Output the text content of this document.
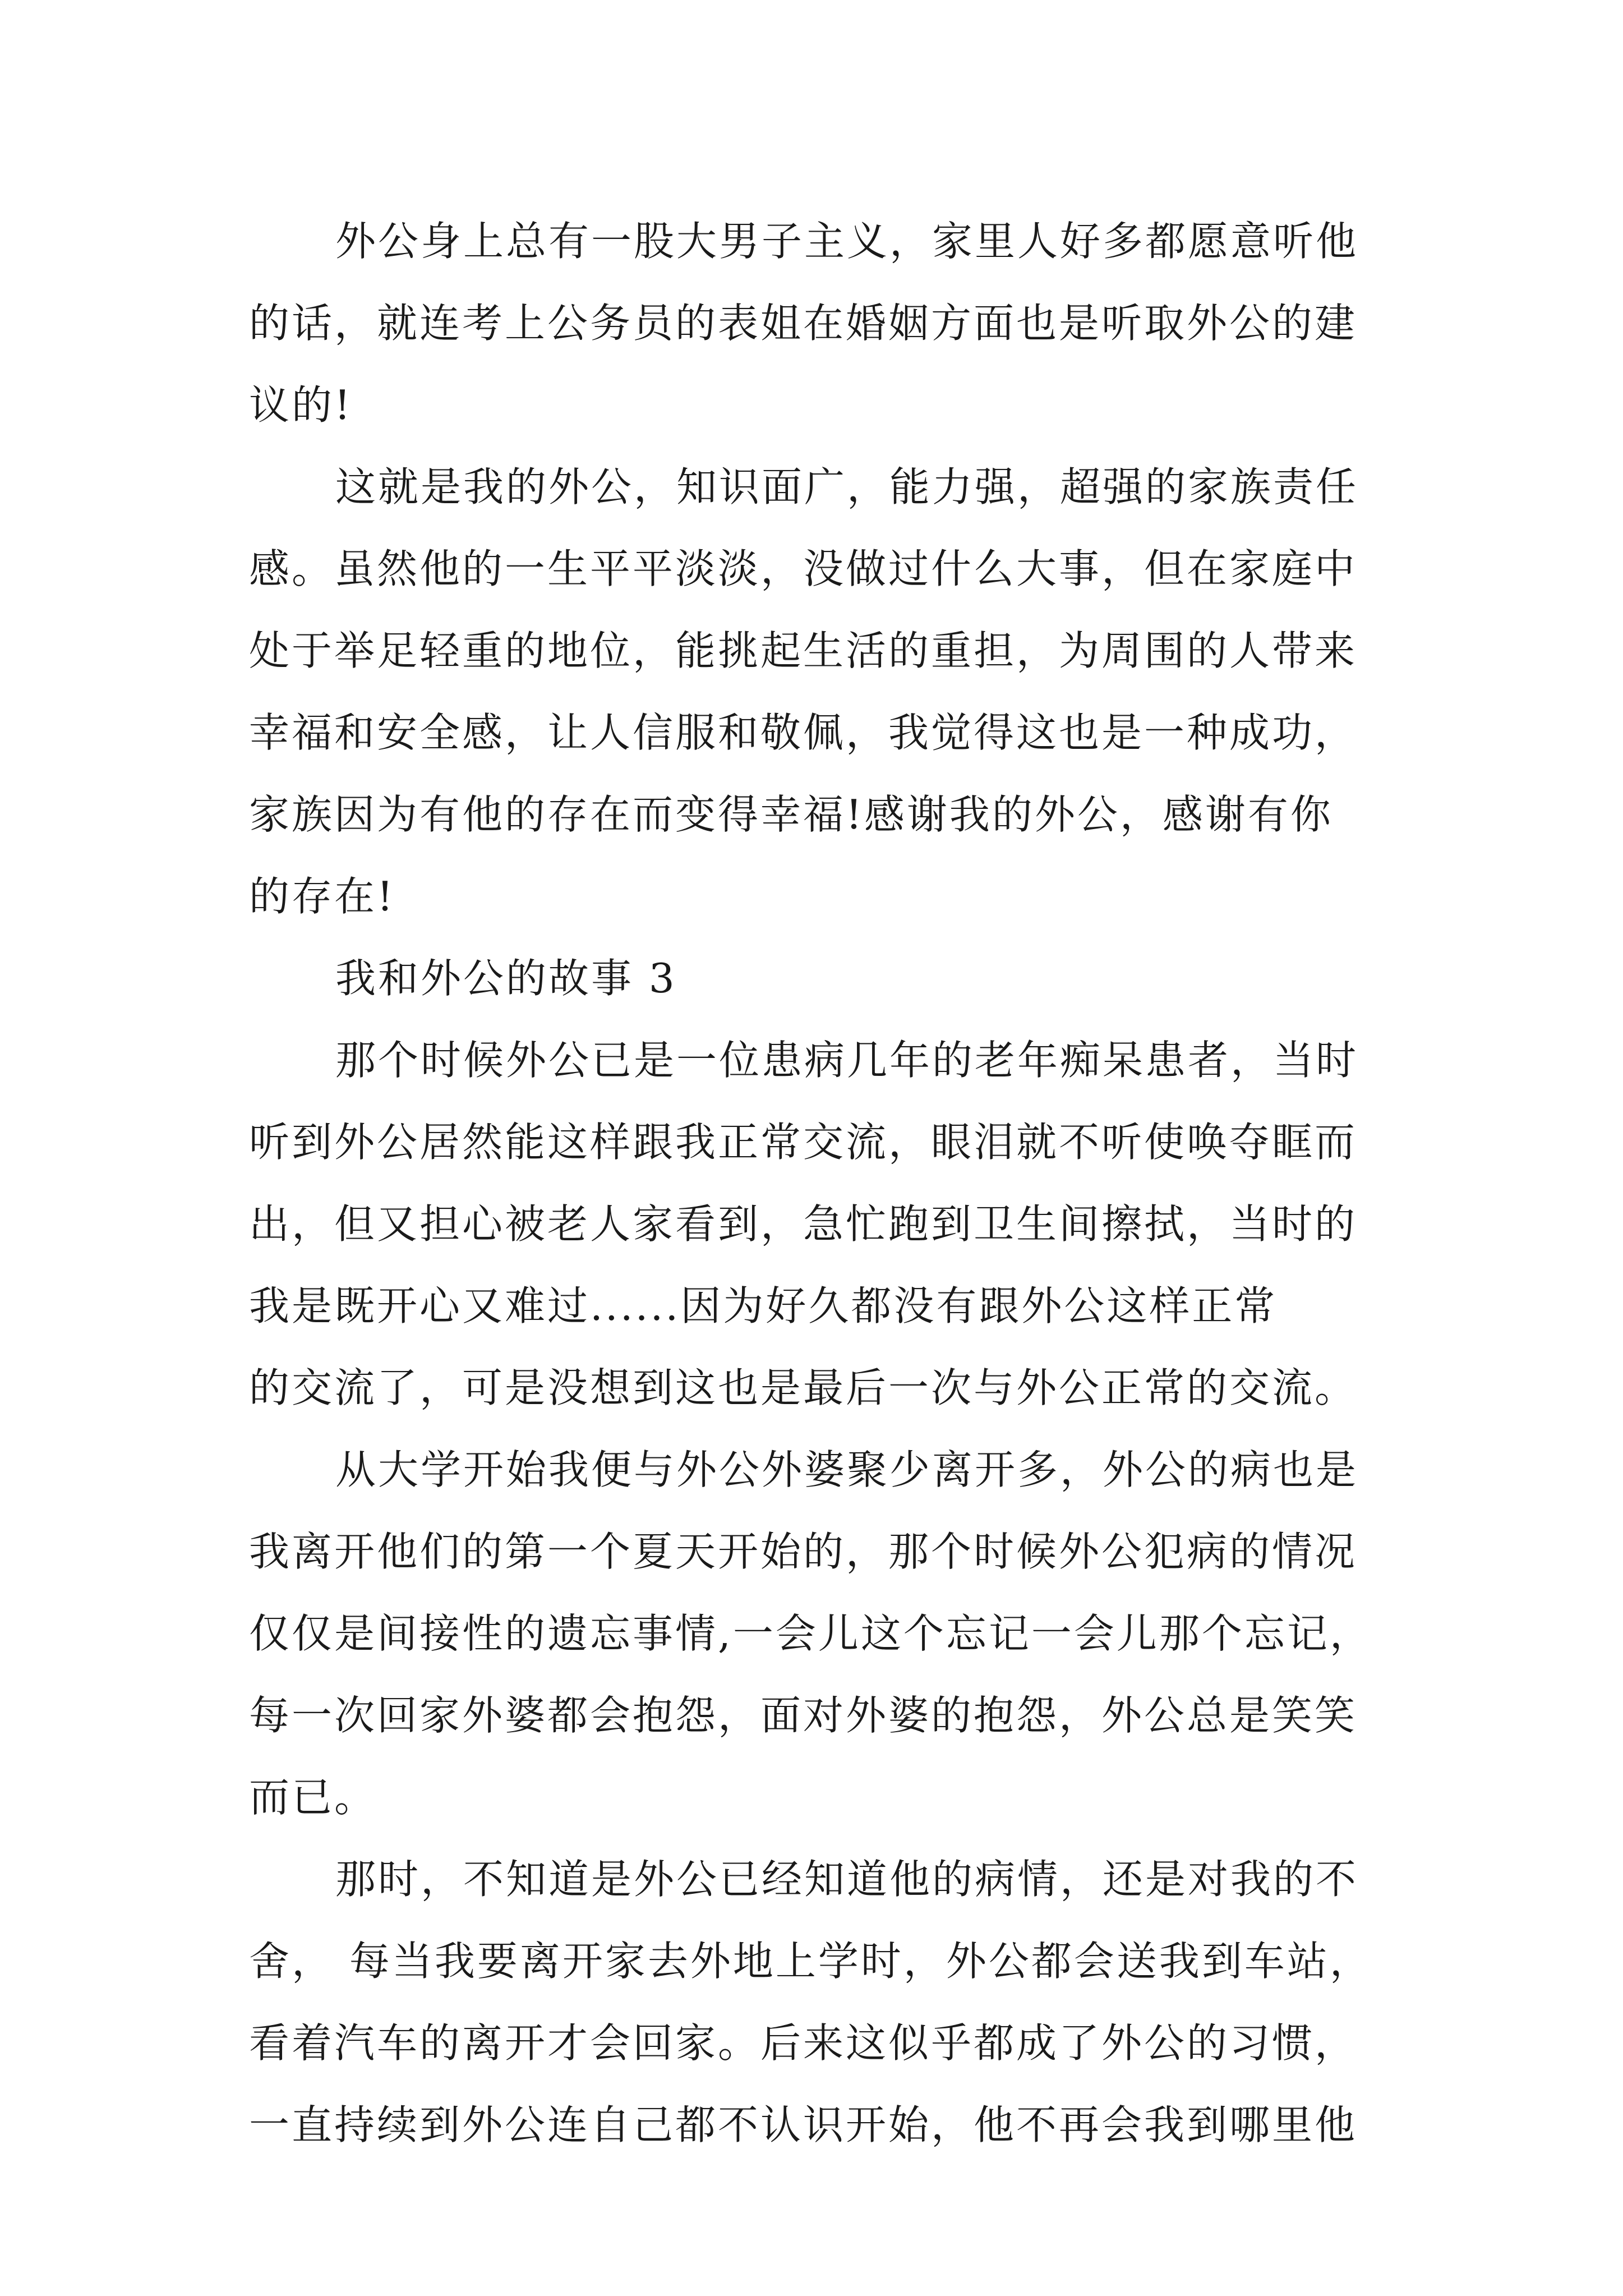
外公身上总有一股大男子主义，家里人好多都愿意听他
的话，就连考上公务员的表姐在婚姻方面也是听取外公的建
议的!
这就是我的外公，知识面广，能力强，超强的家族责任
感。虽然他的一生平平淡淡，没做过什么大事，但在家庭中
处于举足轻重的地位，能挑起生活的重担，为周围的人带来
幸福和安全感，让人信服和敬佩，我觉得这也是一种成功，
家族因为有他的存在而变得幸福!感谢我的外公，感谢有你
的存在!
我和外公的故事 3
那个时候外公已是一位患病几年的老年痴呆患者，当时
听到外公居然能这样跟我正常交流，眼泪就不听使唤夺眶而
出，但又担心被老人家看到，急忙跑到卫生间擦拭，当时的
我是既开心又难过......因为好久都没有跟外公这样正常
的交流了，可是没想到这也是最后一次与外公正常的交流。
从大学开始我便与外公外婆聚少离开多，外公的病也是
我离开他们的第一个夏天开始的，那个时候外公犯病的情况
仅仅是间接性的遗忘事情,一会儿这个忘记一会儿那个忘记，
每一次回家外婆都会抱怨，面对外婆的抱怨，外公总是笑笑
而已。
那时，不知道是外公已经知道他的病情，还是对我的不
舍， 每当我要离开家去外地上学时，外公都会送我到车站，
看着汽车的离开才会回家。后来这似乎都成了外公的习惯，
一直持续到外公连自己都不认识开始，他不再会我到哪里他
